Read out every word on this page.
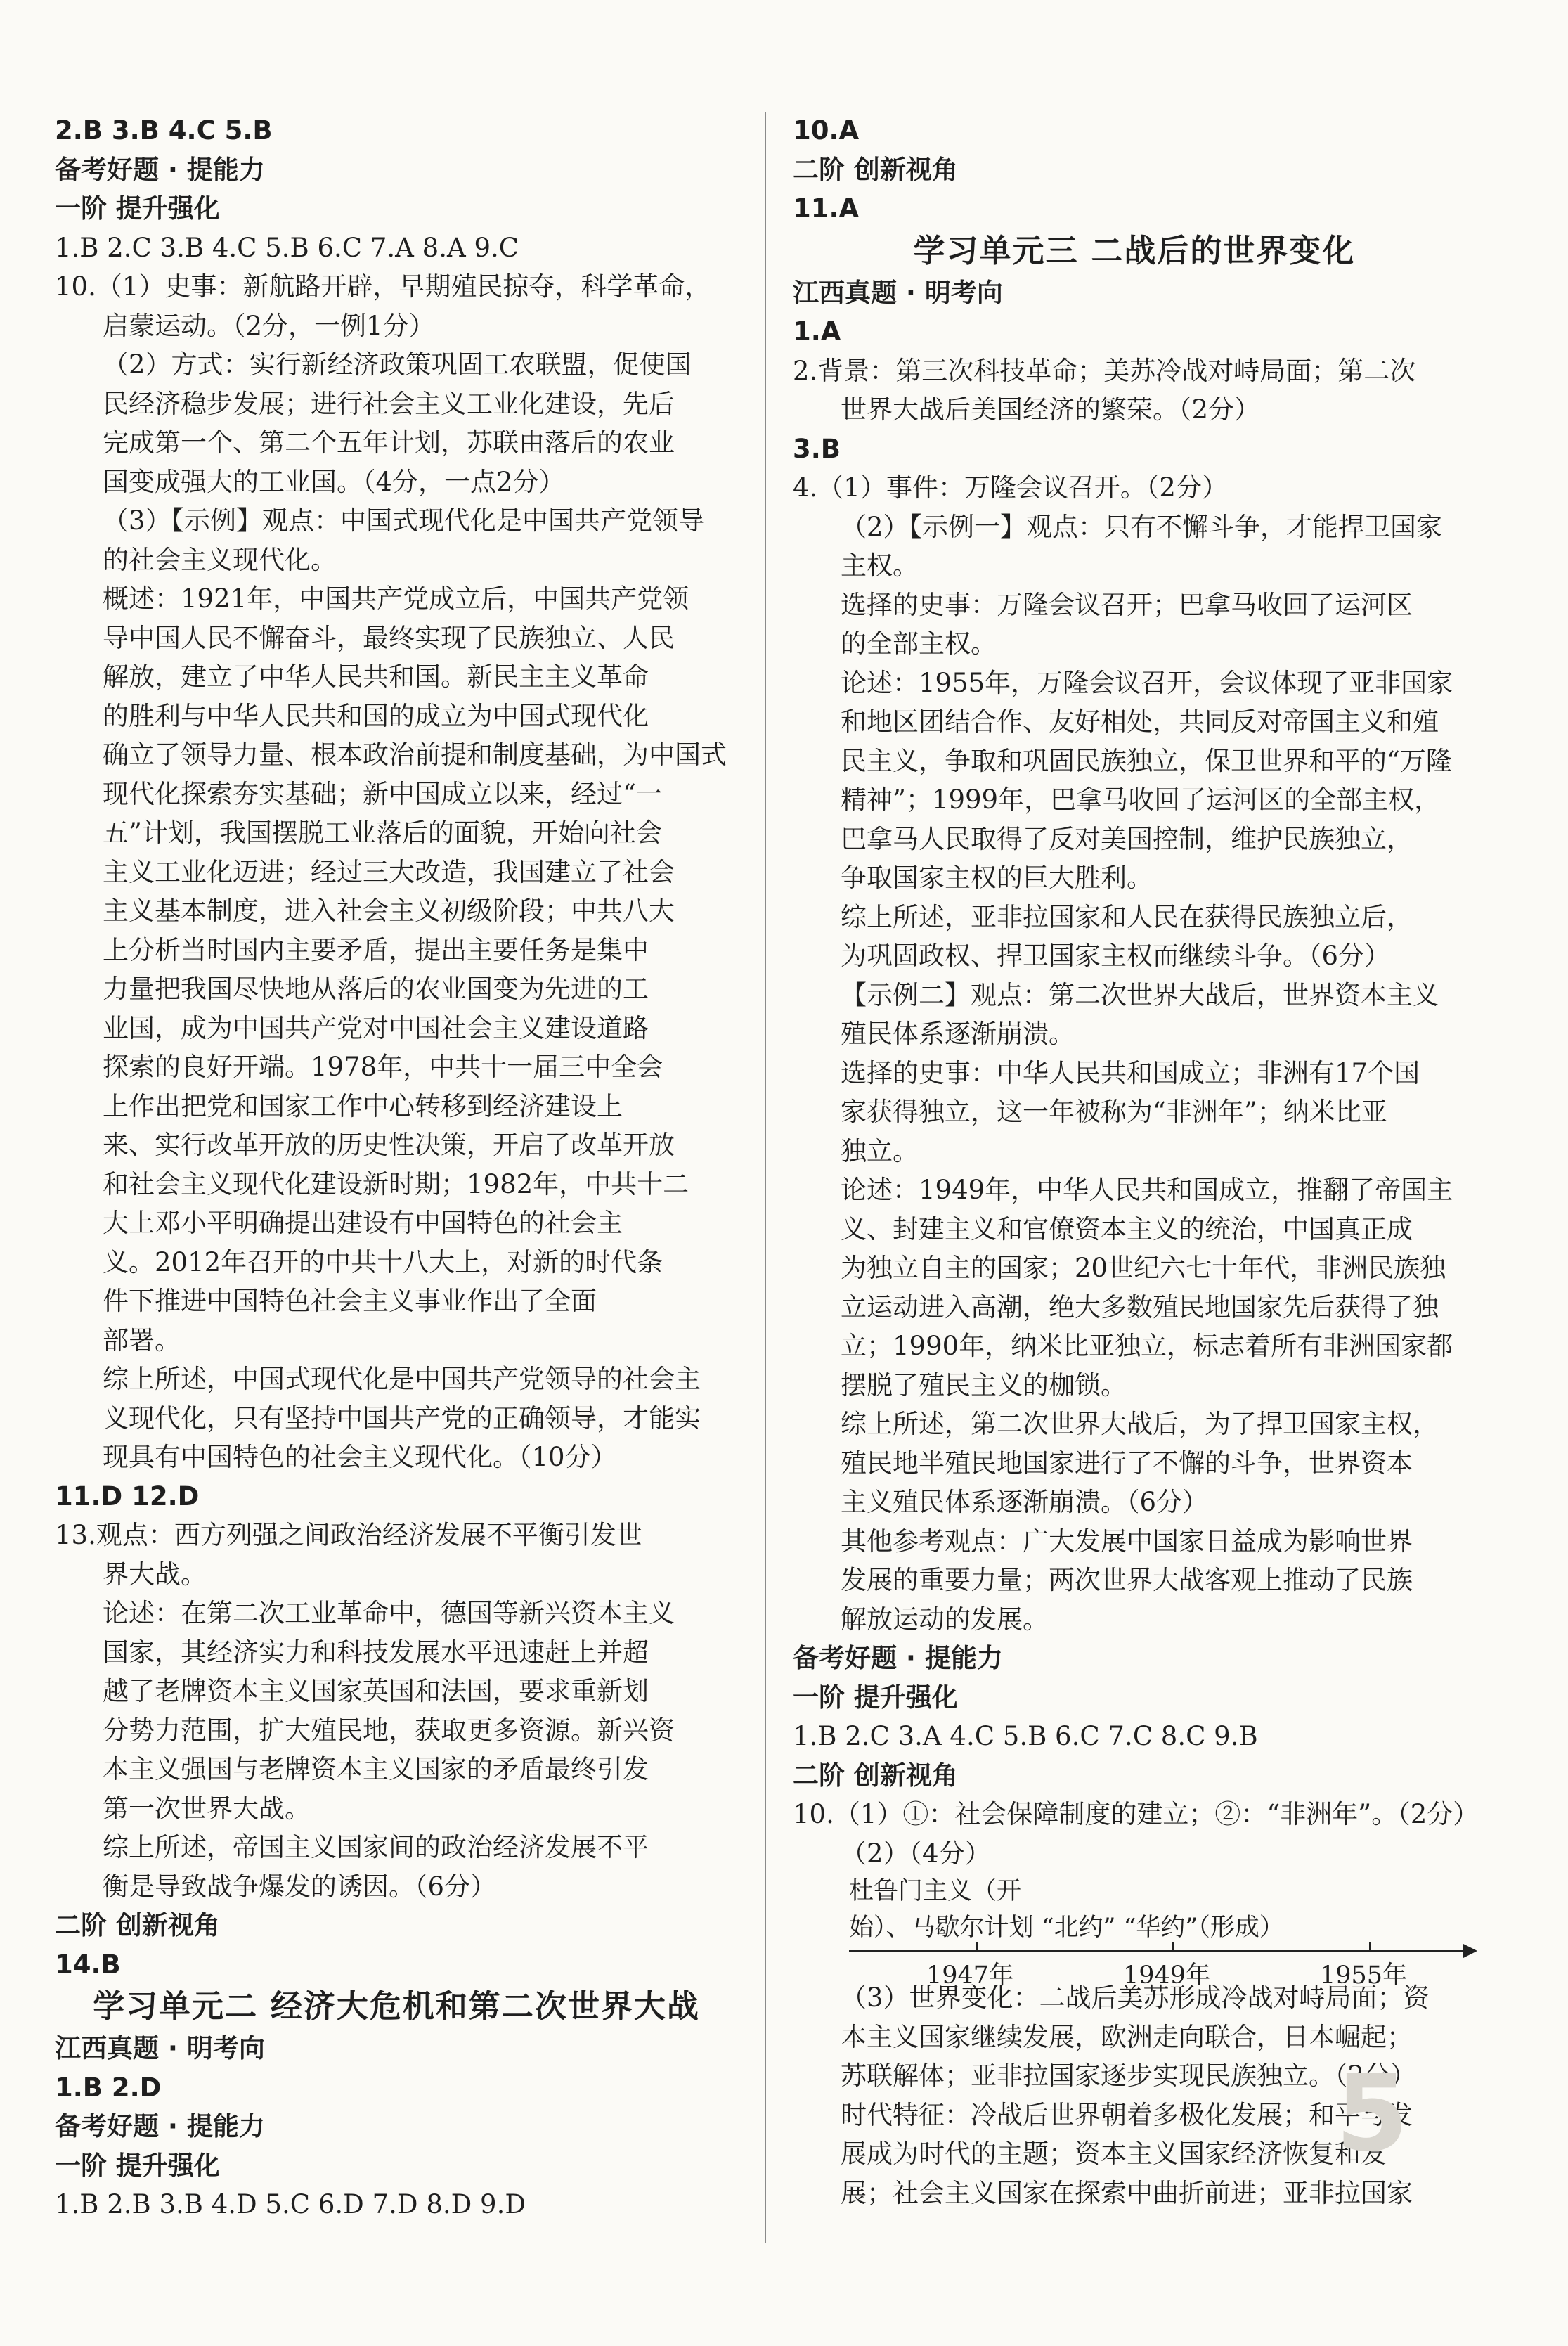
2.B 3.B 4.C 5.B
备考好题 · 提能力
一阶 提升强化
1.B 2.C 3.B 4.C 5.B 6.C 7.A 8.A 9.C
10.（1）史事：新航路开辟，早期殖民掠夺，科学革命，
启蒙运动。（2分，一例1分）
（2）方式：实行新经济政策巩固工农联盟，促使国
民经济稳步发展；进行社会主义工业化建设，先后
完成第一个、第二个五年计划，苏联由落后的农业
国变成强大的工业国。（4分，一点2分）
（3）【示例】观点：中国式现代化是中国共产党领导
的社会主义现代化。
概述：1921年，中国共产党成立后，中国共产党领
导中国人民不懈奋斗，最终实现了民族独立、人民
解放，建立了中华人民共和国。新民主主义革命
的胜利与中华人民共和国的成立为中国式现代化
确立了领导力量、根本政治前提和制度基础，为中国式
现代化探索夯实基础；新中国成立以来，经过“一
五”计划，我国摆脱工业落后的面貌，开始向社会
主义工业化迈进；经过三大改造，我国建立了社会
主义基本制度，进入社会主义初级阶段；中共八大
上分析当时国内主要矛盾，提出主要任务是集中
力量把我国尽快地从落后的农业国变为先进的工
业国，成为中国共产党对中国社会主义建设道路
探索的良好开端。1978年，中共十一届三中全会
上作出把党和国家工作中心转移到经济建设上
来、实行改革开放的历史性决策，开启了改革开放
和社会主义现代化建设新时期；1982年，中共十二
大上邓小平明确提出建设有中国特色的社会主
义。2012年召开的中共十八大上，对新的时代条
件下推进中国特色社会主义事业作出了全面
部署。
综上所述，中国式现代化是中国共产党领导的社会主
义现代化，只有坚持中国共产党的正确领导，才能实
现具有中国特色的社会主义现代化。（10分）
11.D 12.D
13.观点：西方列强之间政治经济发展不平衡引发世
界大战。
论述：在第二次工业革命中，德国等新兴资本主义
国家，其经济实力和科技发展水平迅速赶上并超
越了老牌资本主义国家英国和法国，要求重新划
分势力范围，扩大殖民地，获取更多资源。新兴资
本主义强国与老牌资本主义国家的矛盾最终引发
第一次世界大战。
综上所述，帝国主义国家间的政治经济发展不平
衡是导致战争爆发的诱因。（6分）
二阶 创新视角
14.B
学习单元二 经济大危机和第二次世界大战
江西真题 · 明考向
1.B 2.D
备考好题 · 提能力
一阶 提升强化
1.B 2.B 3.B 4.D 5.C 6.D 7.D 8.D 9.D
10.A
二阶 创新视角
11.A
学习单元三 二战后的世界变化
江西真题 · 明考向
1.A
2.背景：第三次科技革命；美苏冷战对峙局面；第二次
世界大战后美国经济的繁荣。（2分）
3.B
4.（1）事件：万隆会议召开。（2分）
（2）【示例一】观点：只有不懈斗争，才能捍卫国家
主权。
选择的史事：万隆会议召开；巴拿马收回了运河区
的全部主权。
论述：1955年，万隆会议召开，会议体现了亚非国家
和地区团结合作、友好相处，共同反对帝国主义和殖
民主义，争取和巩固民族独立，保卫世界和平的“万隆
精神”；1999年，巴拿马收回了运河区的全部主权，
巴拿马人民取得了反对美国控制，维护民族独立，
争取国家主权的巨大胜利。
综上所述，亚非拉国家和人民在获得民族独立后，
为巩固政权、捍卫国家主权而继续斗争。（6分）
【示例二】观点：第二次世界大战后，世界资本主义
殖民体系逐渐崩溃。
选择的史事：中华人民共和国成立；非洲有17个国
家获得独立，这一年被称为“非洲年”；纳米比亚
独立。
论述：1949年，中华人民共和国成立，推翻了帝国主
义、封建主义和官僚资本主义的统治，中国真正成
为独立自主的国家；20世纪六七十年代，非洲民族独
立运动进入高潮，绝大多数殖民地国家先后获得了独
立；1990年，纳米比亚独立，标志着所有非洲国家都
摆脱了殖民主义的枷锁。
综上所述，第二次世界大战后，为了捍卫国家主权，
殖民地半殖民地国家进行了不懈的斗争，世界资本
主义殖民体系逐渐崩溃。（6分）
其他参考观点：广大发展中国家日益成为影响世界
发展的重要力量；两次世界大战客观上推动了民族
解放运动的发展。
备考好题 · 提能力
一阶 提升强化
1.B 2.C 3.A 4.C 5.B 6.C 7.C 8.C 9.B
二阶 创新视角
10.（1）①：社会保障制度的建立；②：“非洲年”。（2分）
（2）（4分）
杜鲁门主义（开
始）、马歇尔计划 “北约” “华约”（形成）
1947年	1949年	1955年
（3）世界变化：二战后美苏形成冷战对峙局面；资
本主义国家继续发展，欧洲走向联合，日本崛起；
苏联解体；亚非拉国家逐步实现民族独立。（2分）
时代特征：冷战后世界朝着多极化发展；和平与发
展成为时代的主题；资本主义国家经济恢复和发
展；社会主义国家在探索中曲折前进；亚非拉国家
5
